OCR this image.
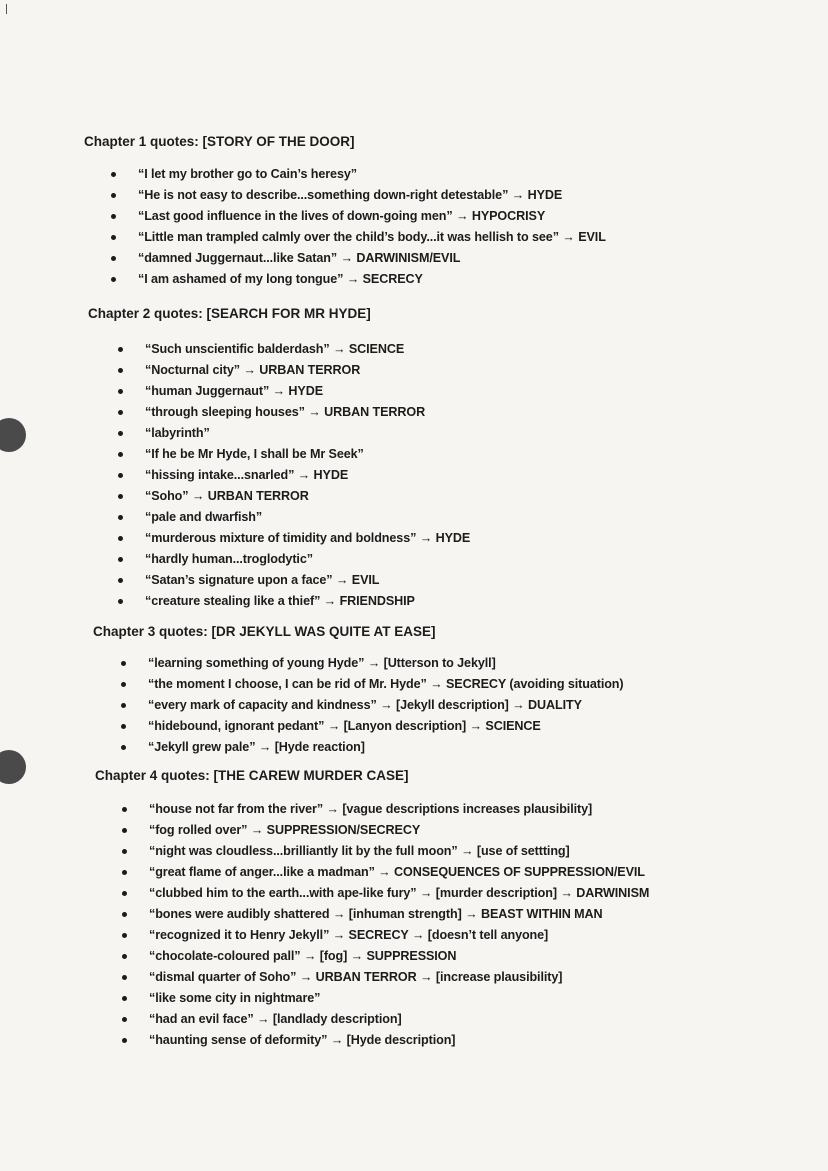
Chapter 1 quotes: [STORY OF THE DOOR]
“I let my brother go to Cain’s heresy”
“He is not easy to describe...something down-right detestable” → HYDE
“Last good influence in the lives of down-going men” → HYPOCRISY
“Little man trampled calmly over the child’s body...it was hellish to see” → EVIL
“damned Juggernaut...like Satan” → DARWINISM/EVIL
“I am ashamed of my long tongue” → SECRECY
Chapter 2 quotes: [SEARCH FOR MR HYDE]
“Such unscientific balderdash” → SCIENCE
“Nocturnal city” → URBAN TERROR
“human Juggernaut” → HYDE
“through sleeping houses” → URBAN TERROR
“labyrinth”
“If he be Mr Hyde, I shall be Mr Seek”
“hissing intake...snarled” → HYDE
“Soho” → URBAN TERROR
“pale and dwarfish”
“murderous mixture of timidity and boldness” → HYDE
“hardly human...troglodytic”
“Satan’s signature upon a face” → EVIL
“creature stealing like a thief” → FRIENDSHIP
Chapter 3 quotes: [DR JEKYLL WAS QUITE AT EASE]
“learning something of young Hyde” → [Utterson to Jekyll]
“the moment I choose, I can be rid of Mr. Hyde” → SECRECY (avoiding situation)
“every mark of capacity and kindness” → [Jekyll description] → DUALITY
“hidebound, ignorant pedant” → [Lanyon description] → SCIENCE
“Jekyll grew pale” → [Hyde reaction]
Chapter 4 quotes: [THE CAREW MURDER CASE]
“house not far from the river” → [vague descriptions increases plausibility]
“fog rolled over” → SUPPRESSION/SECRECY
“night was cloudless...brilliantly lit by the full moon” → [use of settting]
“great flame of anger...like a madman” → CONSEQUENCES OF SUPPRESSION/EVIL
“clubbed him to the earth...with ape-like fury” → [murder description] → DARWINISM
“bones were audibly shattered → [inhuman strength] → BEAST WITHIN MAN
“recognized it to Henry Jekyll” → SECRECY → [doesn’t tell anyone]
“chocolate-coloured pall” → [fog] → SUPPRESSION
“dismal quarter of Soho” → URBAN TERROR → [increase plausibility]
“like some city in nightmare”
“had an evil face” → [landlady description]
“haunting sense of deformity” → [Hyde description]
